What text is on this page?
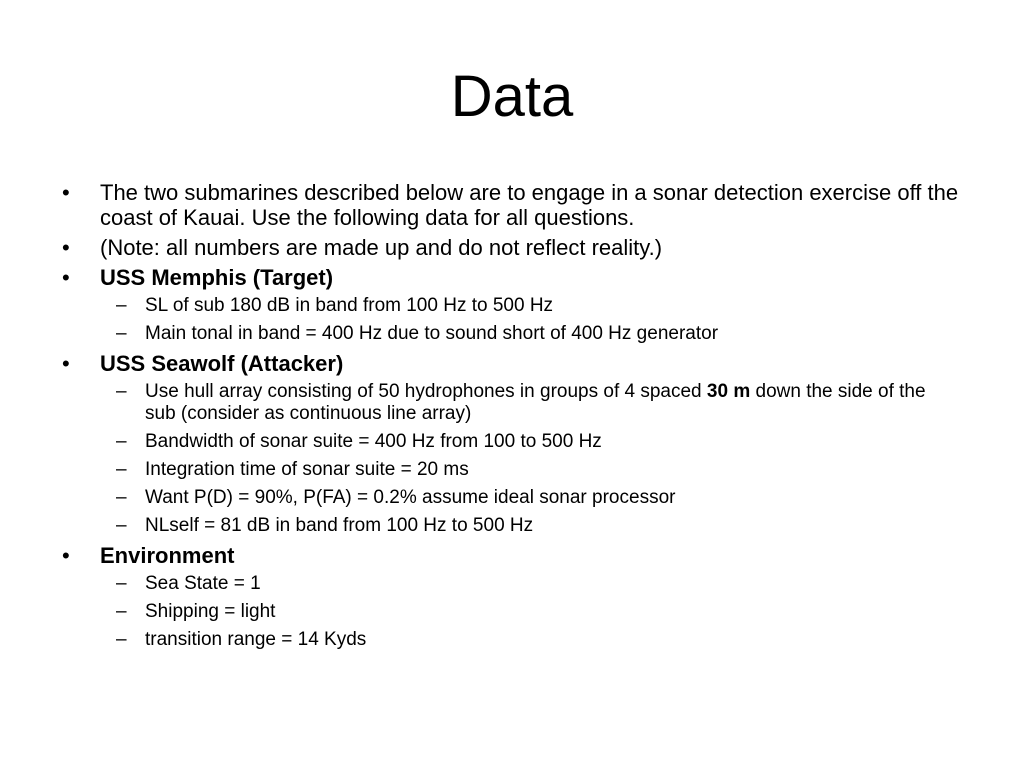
Data
• The two submarines described below are to engage in a sonar detection exercise off the coast of Kauai. Use the following data for all questions.
• (Note: all numbers are made up and do not reflect reality.)
• USS Memphis (Target)
– SL of sub 180 dB in band from 100 Hz to 500 Hz
– Main tonal in band = 400 Hz due to sound short of 400 Hz generator
• USS Seawolf (Attacker)
– Use hull array consisting of 50 hydrophones in groups of 4 spaced 30 m down the side of the sub (consider as continuous line array)
– Bandwidth of sonar suite = 400 Hz from 100 to 500 Hz
– Integration time of sonar suite = 20 ms
– Want P(D) = 90%, P(FA) = 0.2% assume ideal sonar processor
– NLself = 81 dB in band from 100 Hz to 500 Hz
• Environment
– Sea State = 1
– Shipping = light
– transition range = 14 Kyds
